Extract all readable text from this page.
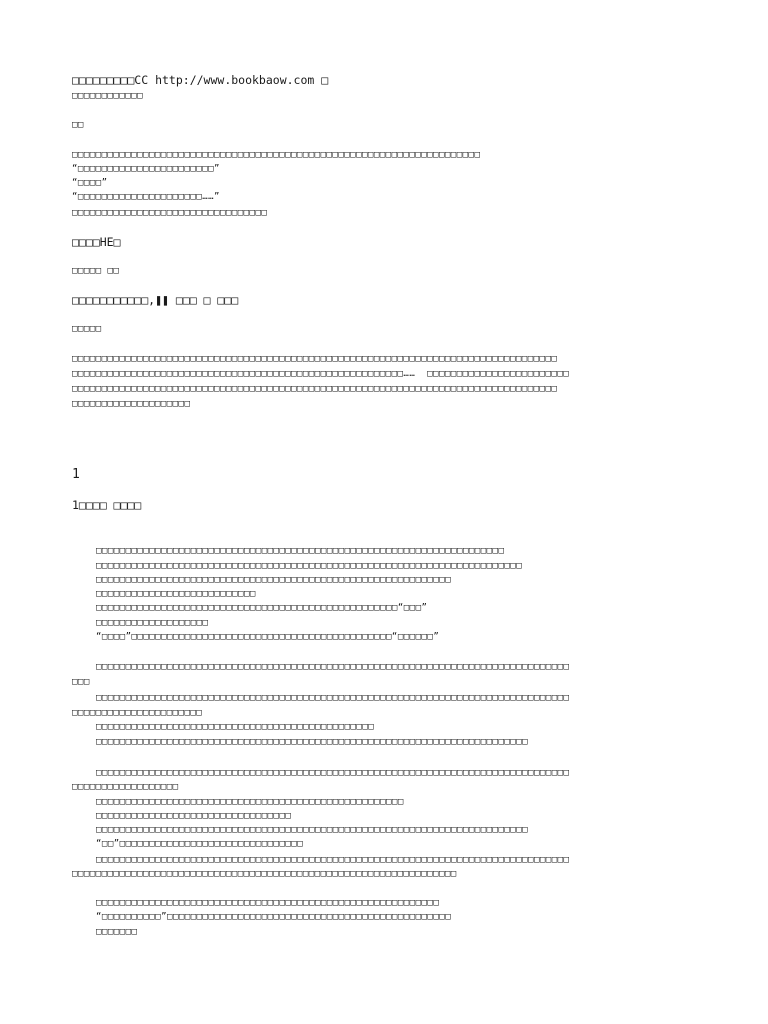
□□□□□□□□□CC http://www.bookbaow.com □
□□□□□□□□□□□□
□□
□□□□□□□□□□□□□□□□□□□□□□□□□□□□□□□□□□□□□□□□□□□□□□□□□□□□□□□□□□□□□□□□□□□□□
“□□□□□□□□□□□□□□□□□□□□□□□”
“□□□□”
“□□□□□□□□□□□□□□□□□□□□□……”
□□□□□□□□□□□□□□□□□□□□□□□□□□□□□□□□□
□□□□HE□
□□□□□ □□
□□□□□□□□□□□,❚❚ □□□ □ □□□
□□□□□
□□□□□□□□□□□□□□□□□□□□□□□□□□□□□□□□□□□□□□□□□□□□□□□□□□□□□□□□□□□□□□□□□□□□□□□□□□□□□□□□□□
□□□□□□□□□□□□□□□□□□□□□□□□□□□□□□□□□□□□□□□□□□□□□□□□□□□□□□□□……  □□□□□□□□□□□□□□□□□□□□□□□□
□□□□□□□□□□□□□□□□□□□□□□□□□□□□□□□□□□□□□□□□□□□□□□□□□□□□□□□□□□□□□□□□□□□□□□□□□□□□□□□□□□
□□□□□□□□□□□□□□□□□□□□
1
1□□□□ □□□□
□□□□□□□□□□□□□□□□□□□□□□□□□□□□□□□□□□□□□□□□□□□□□□□□□□□□□□□□□□□□□□□□□□□□□
□□□□□□□□□□□□□□□□□□□□□□□□□□□□□□□□□□□□□□□□□□□□□□□□□□□□□□□□□□□□□□□□□□□□□□□□
□□□□□□□□□□□□□□□□□□□□□□□□□□□□□□□□□□□□□□□□□□□□□□□□□□□□□□□□□□□□
□□□□□□□□□□□□□□□□□□□□□□□□□□□
□□□□□□□□□□□□□□□□□□□□□□□□□□□□□□□□□□□□□□□□□□□□□□□□□□□“□□□”
□□□□□□□□□□□□□□□□□□□
“□□□□”□□□□□□□□□□□□□□□□□□□□□□□□□□□□□□□□□□□□□□□□□□□□“□□□□□□”
□□□□□□□□□□□□□□□□□□□□□□□□□□□□□□□□□□□□□□□□□□□□□□□□□□□□□□□□□□□□□□□□□□□□□□□□□□□□□□□□
□□□
□□□□□□□□□□□□□□□□□□□□□□□□□□□□□□□□□□□□□□□□□□□□□□□□□□□□□□□□□□□□□□□□□□□□□□□□□□□□□□□□
□□□□□□□□□□□□□□□□□□□□□□
□□□□□□□□□□□□□□□□□□□□□□□□□□□□□□□□□□□□□□□□□□□□□□□
□□□□□□□□□□□□□□□□□□□□□□□□□□□□□□□□□□□□□□□□□□□□□□□□□□□□□□□□□□□□□□□□□□□□□□□□□
□□□□□□□□□□□□□□□□□□□□□□□□□□□□□□□□□□□□□□□□□□□□□□□□□□□□□□□□□□□□□□□□□□□□□□□□□□□□□□□□
□□□□□□□□□□□□□□□□□□
□□□□□□□□□□□□□□□□□□□□□□□□□□□□□□□□□□□□□□□□□□□□□□□□□□□□
□□□□□□□□□□□□□□□□□□□□□□□□□□□□□□□□□
□□□□□□□□□□□□□□□□□□□□□□□□□□□□□□□□□□□□□□□□□□□□□□□□□□□□□□□□□□□□□□□□□□□□□□□□□
“□□”□□□□□□□□□□□□□□□□□□□□□□□□□□□□□□□
□□□□□□□□□□□□□□□□□□□□□□□□□□□□□□□□□□□□□□□□□□□□□□□□□□□□□□□□□□□□□□□□□□□□□□□□□□□□□□□□
□□□□□□□□□□□□□□□□□□□□□□□□□□□□□□□□□□□□□□□□□□□□□□□□□□□□□□□□□□□□□□□□□
□□□□□□□□□□□□□□□□□□□□□□□□□□□□□□□□□□□□□□□□□□□□□□□□□□□□□□□□□□
“□□□□□□□□□□”□□□□□□□□□□□□□□□□□□□□□□□□□□□□□□□□□□□□□□□□□□□□□□□□
□□□□□□□
